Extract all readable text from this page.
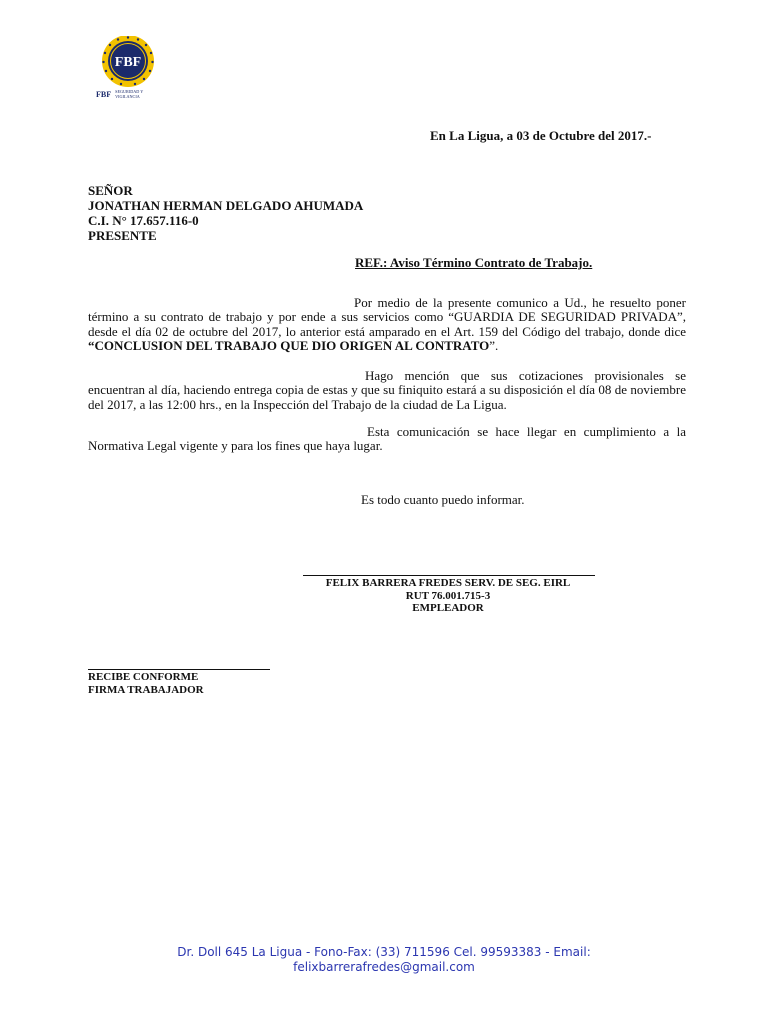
FBF
FBF SEGURIDAD Y
VIGILANCIA
En La Ligua, a 03 de Octubre del 2017.-
SEÑOR
JONATHAN HERMAN DELGADO AHUMADA
C.I. N° 17.657.116-0
PRESENTE
REF.: Aviso Término Contrato de Trabajo.
Por medio de la presente comunico a Ud., he resuelto poner término a su contrato de trabajo y por ende a sus servicios como “GUARDIA DE SEGURIDAD PRIVADA”, desde el día 02 de octubre del 2017, lo anterior está amparado en el Art. 159 del Código del trabajo, donde dice “CONCLUSION DEL TRABAJO QUE DIO ORIGEN AL CONTRATO”.
Hago mención que sus cotizaciones provisionales se encuentran al día, haciendo entrega copia de estas y que su finiquito estará a su disposición el día 08 de noviembre del 2017, a las 12:00 hrs., en la Inspección del Trabajo de la ciudad de La Ligua.
Esta comunicación se hace llegar en cumplimiento a la Normativa Legal vigente y para los fines que haya lugar.
Es todo cuanto puedo informar.
FELIX BARRERA FREDES SERV. DE SEG. EIRL
RUT 76.001.715-3
EMPLEADOR
RECIBE CONFORME
FIRMA TRABAJADOR
Dr. Doll 645 La Ligua - Fono-Fax: (33) 711596 Cel. 99593383 - Email:
felixbarrerafredes@gmail.com
